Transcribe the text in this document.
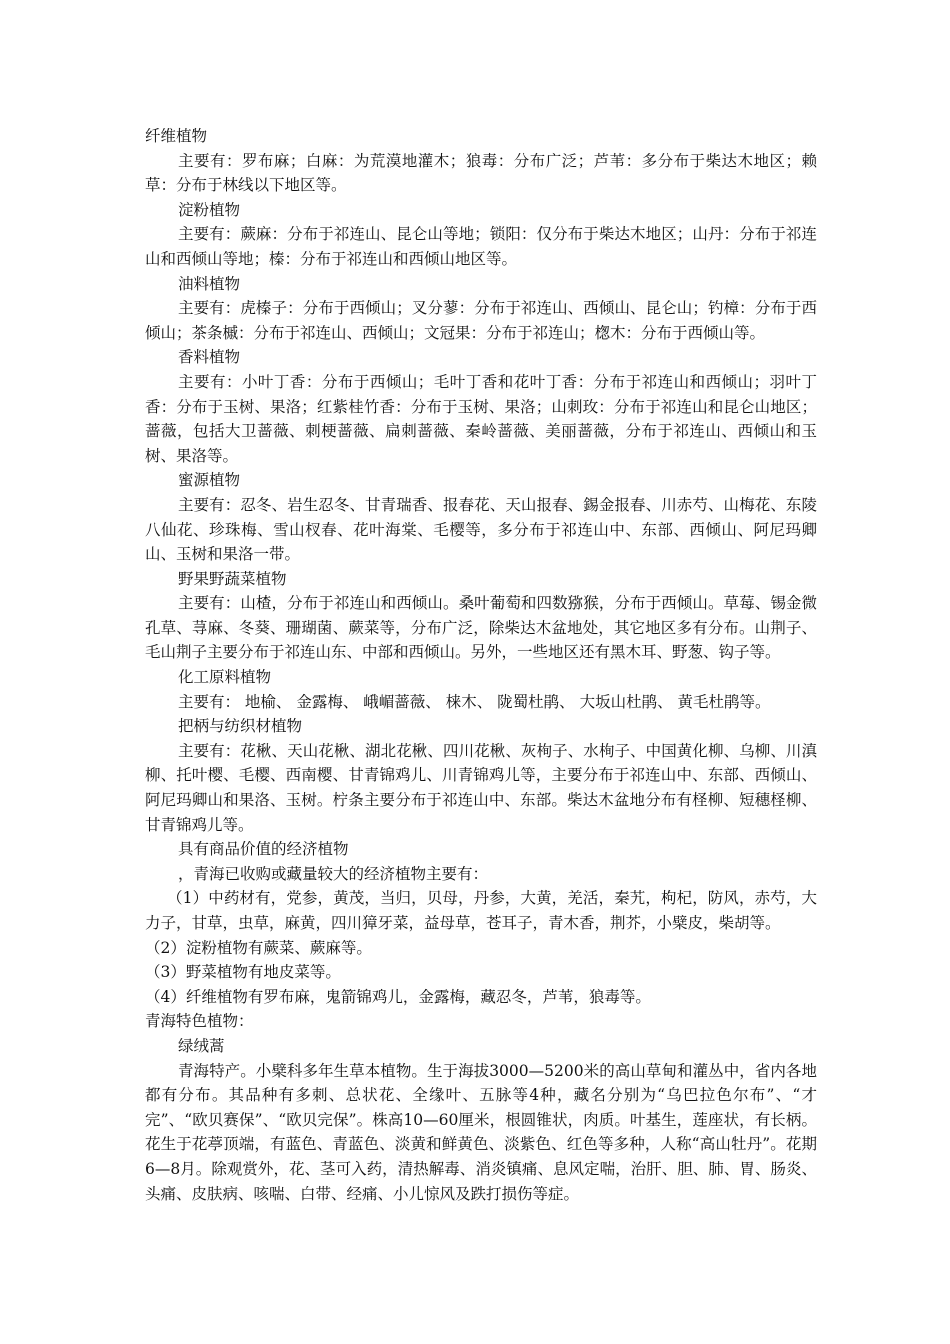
纤维植物

主要有：罗布麻；白麻：为荒漠地灌木；狼毒：分布广泛；芦苇：多分布于柴达木地区；赖草：分布于林线以下地区等。

淀粉植物

主要有：蕨麻：分布于祁连山、昆仑山等地；锁阳：仅分布于柴达木地区；山丹：分布于祁连山和西倾山等地；榛：分布于祁连山和西倾山地区等。

油料植物

主要有：虎榛子：分布于西倾山；叉分蓼：分布于祁连山、西倾山、昆仑山；钓樟：分布于西倾山；茶条槭：分布于祁连山、西倾山；文冠果：分布于祁连山；楤木：分布于西倾山等。

香料植物

主要有：小叶丁香：分布于西倾山；毛叶丁香和花叶丁香：分布于祁连山和西倾山；羽叶丁香：分布于玉树、果洛；红紫桂竹香：分布于玉树、果洛；山刺玫：分布于祁连山和昆仑山地区；蔷薇，包括大卫蔷薇、刺梗蔷薇、扁刺蔷薇、秦岭蔷薇、美丽蔷薇，分布于祁连山、西倾山和玉树、果洛等。

蜜源植物

主要有：忍冬、岩生忍冬、甘青瑞香、报春花、天山报春、錫金报春、川赤芍、山梅花、东陵八仙花、珍珠梅、雪山杈春、花叶海棠、毛樱等，多分布于祁连山中、东部、西倾山、阿尼玛卿山、玉树和果洛一带。

野果野蔬菜植物

主要有：山楂，分布于祁连山和西倾山。桑叶葡萄和四数猕猴，分布于西倾山。草莓、锡金微孔草、荨麻、冬葵、珊瑚菌、蕨菜等，分布广泛，除柴达木盆地处，其它地区多有分布。山荆子、毛山荆子主要分布于祁连山东、中部和西倾山。另外，一些地区还有黑木耳、野葱、钩子等。

化工原料植物

主要有： 地榆、 金露梅、 峨嵋蔷薇、 梾木、 陇蜀杜鹃、 大坂山杜鹃、 黄毛杜鹃等。

把柄与纺织材植物

主要有：花楸、天山花楸、湖北花楸、四川花楸、灰栒子、水栒子、中国黄化柳、乌柳、川滇柳、托叶樱、毛樱、西南樱、甘青锦鸡儿、川青锦鸡儿等，主要分布于祁连山中、东部、西倾山、阿尼玛卿山和果洛、玉树。柠条主要分布于祁连山中、东部。柴达木盆地分布有柽柳、短穗柽柳、甘青锦鸡儿等。

具有商品价值的经济植物

，青海已收购或藏量较大的经济植物主要有：

（1）中药材有，党参，黄茂，当归，贝母，丹参，大黄，羌活，秦艽，枸杞，防风，赤芍，大力子，甘草，虫草，麻黄，四川獐牙菜，益母草，苍耳子，青木香，荆芥，小檗皮，柴胡等。

（2）淀粉植物有蕨菜、蕨麻等。

（3）野菜植物有地皮菜等。

（4）纤维植物有罗布麻，鬼箭锦鸡儿，金露梅，藏忍冬，芦苇，狼毒等。

青海特色植物：

绿绒蒿

青海特产。小檗科多年生草本植物。生于海拔3000—5200米的高山草甸和灌丛中，省内各地都有分布。其品种有多刺、总状花、全缘叶、五脉等4种，藏名分别为“乌巴拉色尔布”、“才完”、“欧贝赛保”、“欧贝完保”。株高10—60厘米，根圆锥状，肉质。叶基生，莲座状，有长柄。花生于花葶顶端，有蓝色、青蓝色、淡黄和鲜黄色、淡紫色、红色等多种，人称“高山牡丹”。花期6—8月。除观赏外，花、茎可入药，清热解毒、消炎镇痛、息风定喘，治肝、胆、肺、胃、肠炎、头痛、皮肤病、咳喘、白带、经痛、小儿惊风及跌打损伤等症。
